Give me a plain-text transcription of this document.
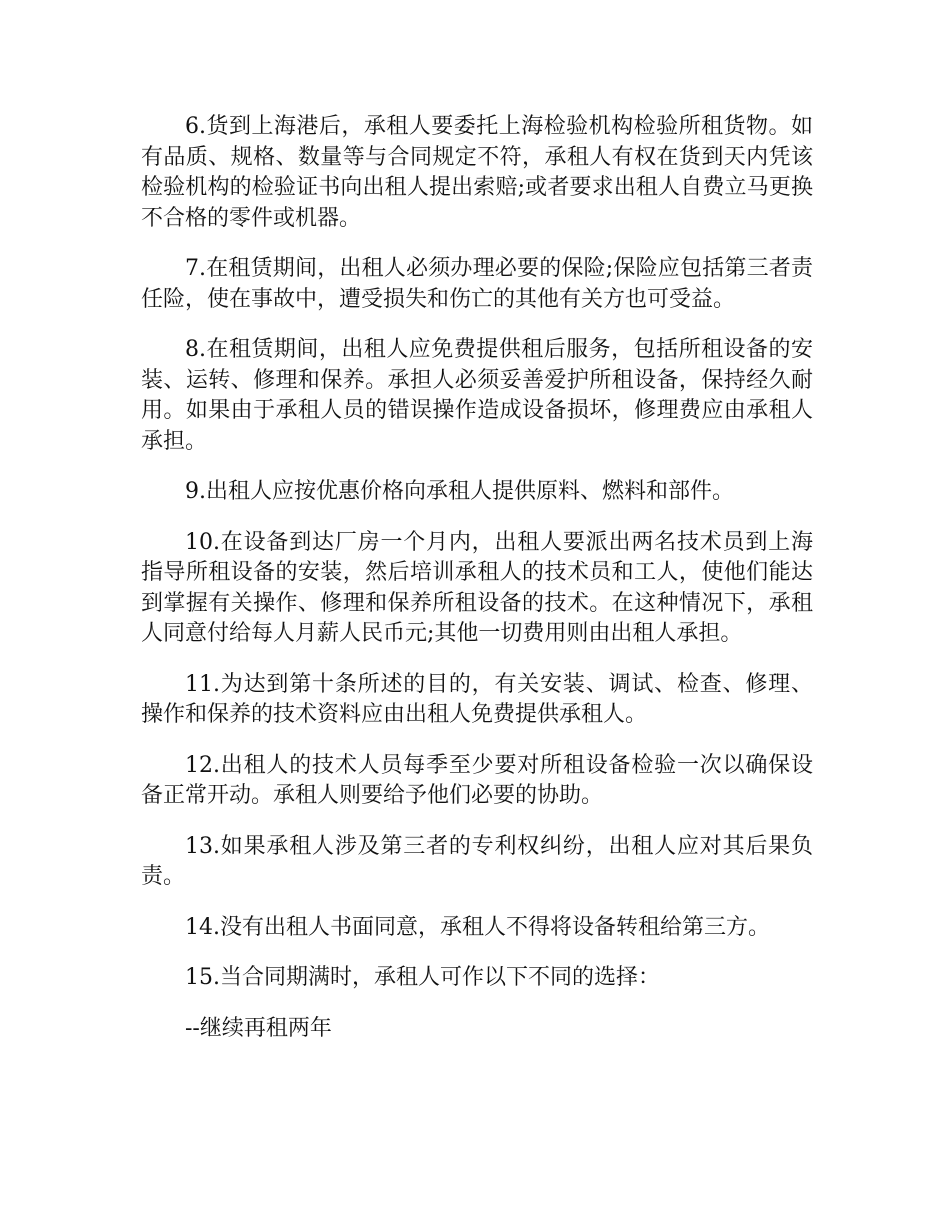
6.货到上海港后，承租人要委托上海检验机构检验所租货物。如有品质、规格、数量等与合同规定不符，承租人有权在货到天内凭该检验机构的检验证书向出租人提出索赔;或者要求出租人自费立马更换不合格的零件或机器。

7.在租赁期间，出租人必须办理必要的保险;保险应包括第三者责任险，使在事故中，遭受损失和伤亡的其他有关方也可受益。

8.在租赁期间，出租人应免费提供租后服务，包括所租设备的安装、运转、修理和保养。承担人必须妥善爱护所租设备，保持经久耐用。如果由于承租人员的错误操作造成设备损坏，修理费应由承租人承担。

9.出租人应按优惠价格向承租人提供原料、燃料和部件。

10.在设备到达厂房一个月内，出租人要派出两名技术员到上海指导所租设备的安装，然后培训承租人的技术员和工人，使他们能达到掌握有关操作、修理和保养所租设备的技术。在这种情况下，承租人同意付给每人月薪人民币元;其他一切费用则由出租人承担。

11.为达到第十条所述的目的，有关安装、调试、检查、修理、操作和保养的技术资料应由出租人免费提供承租人。

12.出租人的技术人员每季至少要对所租设备检验一次以确保设备正常开动。承租人则要给予他们必要的协助。

13.如果承租人涉及第三者的专利权纠纷，出租人应对其后果负责。

14.没有出租人书面同意，承租人不得将设备转租给第三方。

15.当合同期满时，承租人可作以下不同的选择：

--继续再租两年
